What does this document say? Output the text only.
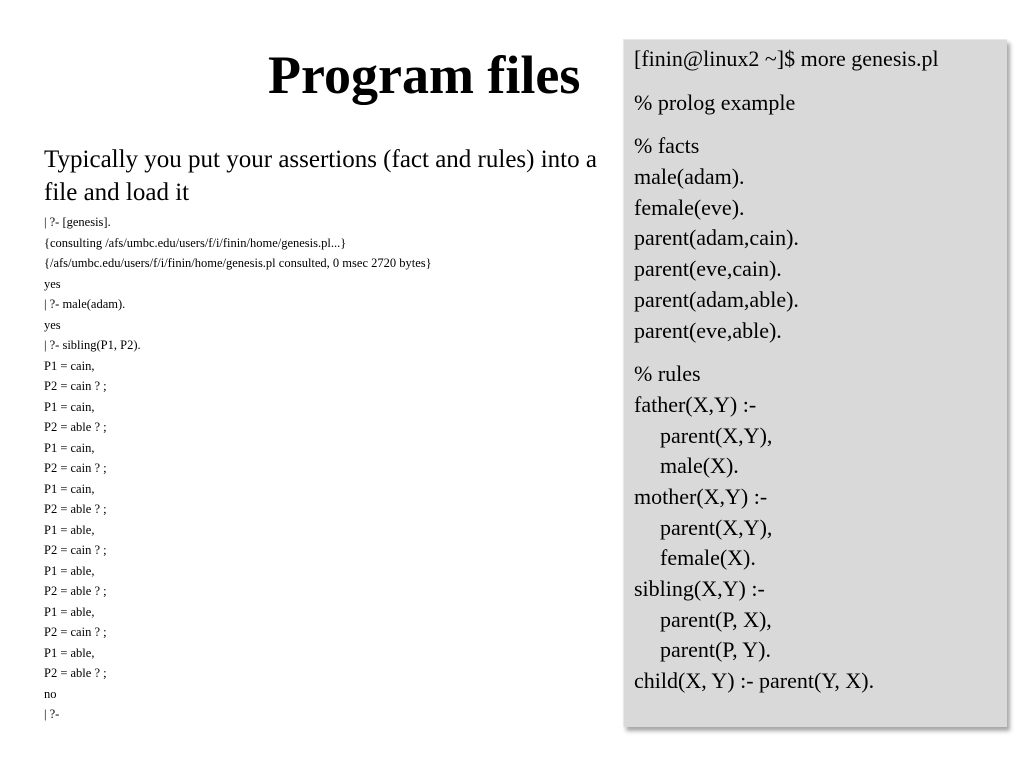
Program files

Typically you put your assertions (fact and rules) into a file and load it

| ?- [genesis].
{consulting /afs/umbc.edu/users/f/i/finin/home/genesis.pl...}
{/afs/umbc.edu/users/f/i/finin/home/genesis.pl consulted, 0 msec 2720 bytes}
yes
| ?- male(adam).
yes
| ?- sibling(P1, P2).
P1 = cain,
P2 = cain ? ;
P1 = cain,
P2 = able ? ;
P1 = cain,
P2 = cain ? ;
P1 = cain,
P2 = able ? ;
P1 = able,
P2 = cain ? ;
P1 = able,
P2 = able ? ;
P1 = able,
P2 = cain ? ;
P1 = able,
P2 = able ? ;
no
| ?-
[finin@linux2 ~]$ more genesis.pl
% prolog example
% facts
male(adam).
female(eve).
parent(adam,cain).
parent(eve,cain).
parent(adam,able).
parent(eve,able).
% rules
father(X,Y) :-
parent(X,Y),
male(X).
mother(X,Y) :-
parent(X,Y),
female(X).
sibling(X,Y) :-
parent(P, X),
parent(P, Y).
child(X, Y) :- parent(Y, X).
